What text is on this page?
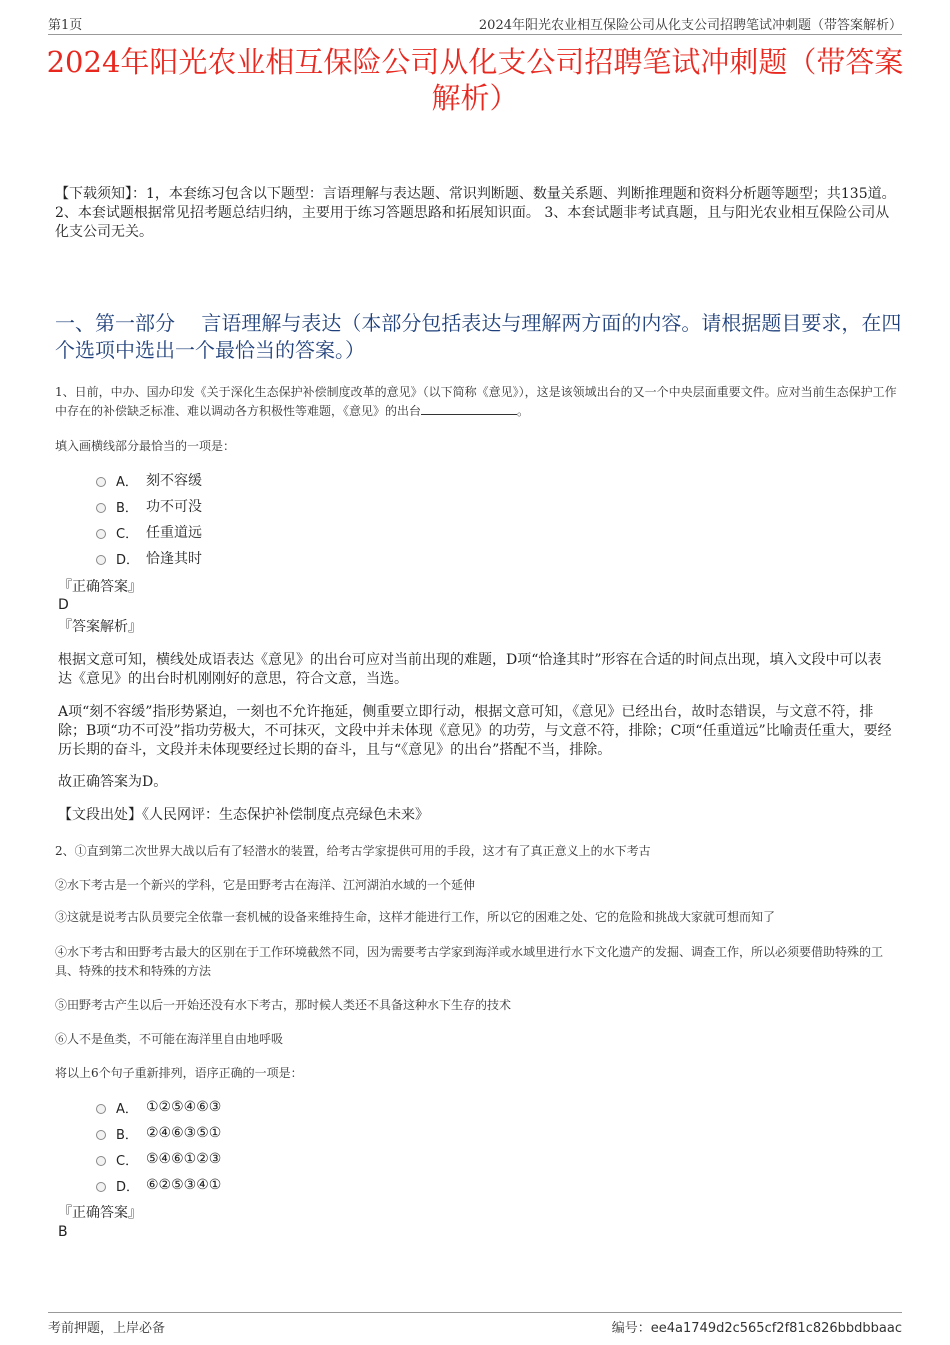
第1页	2024年阳光农业相互保险公司从化支公司招聘笔试冲刺题（带答案解析）
2024年阳光农业相互保险公司从化支公司招聘笔试冲刺题（带答案解析）
【下载须知】：1，本套练习包含以下题型：言语理解与表达题、常识判断题、数量关系题、判断推理题和资料分析题等题型；共135道。 2、本套试题根据常见招考题总结归纳，主要用于练习答题思路和拓展知识面。 3、本套试题非考试真题，且与阳光农业相互保险公司从化支公司无关。
一、第一部分　 言语理解与表达（本部分包括表达与理解两方面的内容。请根据题目要求，在四个选项中选出一个最恰当的答案。）
1、日前，中办、国办印发《关于深化生态保护补偿制度改革的意见》（以下简称《意见》），这是该领域出台的又一个中央层面重要文件。应对当前生态保护工作中存在的补偿缺乏标准、难以调动各方积极性等难题，《意见》的出台	。
填入画横线部分最恰当的一项是：
A． 刻不容缓
B． 功不可没
C． 任重道远
D． 恰逢其时
『正确答案』
D
『答案解析』
根据文意可知，横线处成语表达《意见》的出台可应对当前出现的难题，D项“恰逢其时”形容在合适的时间点出现，填入文段中可以表达《意见》的出台时机刚刚好的意思，符合文意，当选。
A项“刻不容缓”指形势紧迫，一刻也不允许拖延，侧重要立即行动，根据文意可知，《意见》已经出台，故时态错误，与文意不符，排除；B项“功不可没”指功劳极大，不可抹灭，文段中并未体现《意见》的功劳，与文意不符，排除；C项“任重道远”比喻责任重大，要经历长期的奋斗，文段并未体现要经过长期的奋斗，且与“《意见》的出台”搭配不当，排除。
故正确答案为D。
【文段出处】《人民网评：生态保护补偿制度点亮绿色未来》
2、①直到第二次世界大战以后有了轻潜水的装置，给考古学家提供可用的手段，这才有了真正意义上的水下考古
②水下考古是一个新兴的学科，它是田野考古在海洋、江河湖泊水域的一个延伸
③这就是说考古队员要完全依靠一套机械的设备来维持生命，这样才能进行工作，所以它的困难之处、它的危险和挑战大家就可想而知了
④水下考古和田野考古最大的区别在于工作环境截然不同，因为需要考古学家到海洋或水域里进行水下文化遗产的发掘、调查工作，所以必须要借助特殊的工具、特殊的技术和特殊的方法
⑤田野考古产生以后一开始还没有水下考古，那时候人类还不具备这种水下生存的技术
⑥人不是鱼类，不可能在海洋里自由地呼吸
将以上6个句子重新排列，语序正确的一项是：
A． ①②⑤④⑥③
B． ②④⑥③⑤①
C． ⑤④⑥①②③
D． ⑥②⑤③④①
『正确答案』
B
考前押题，上岸必备	编号：ee4a1749d2c565cf2f81c826bbdbbaac
